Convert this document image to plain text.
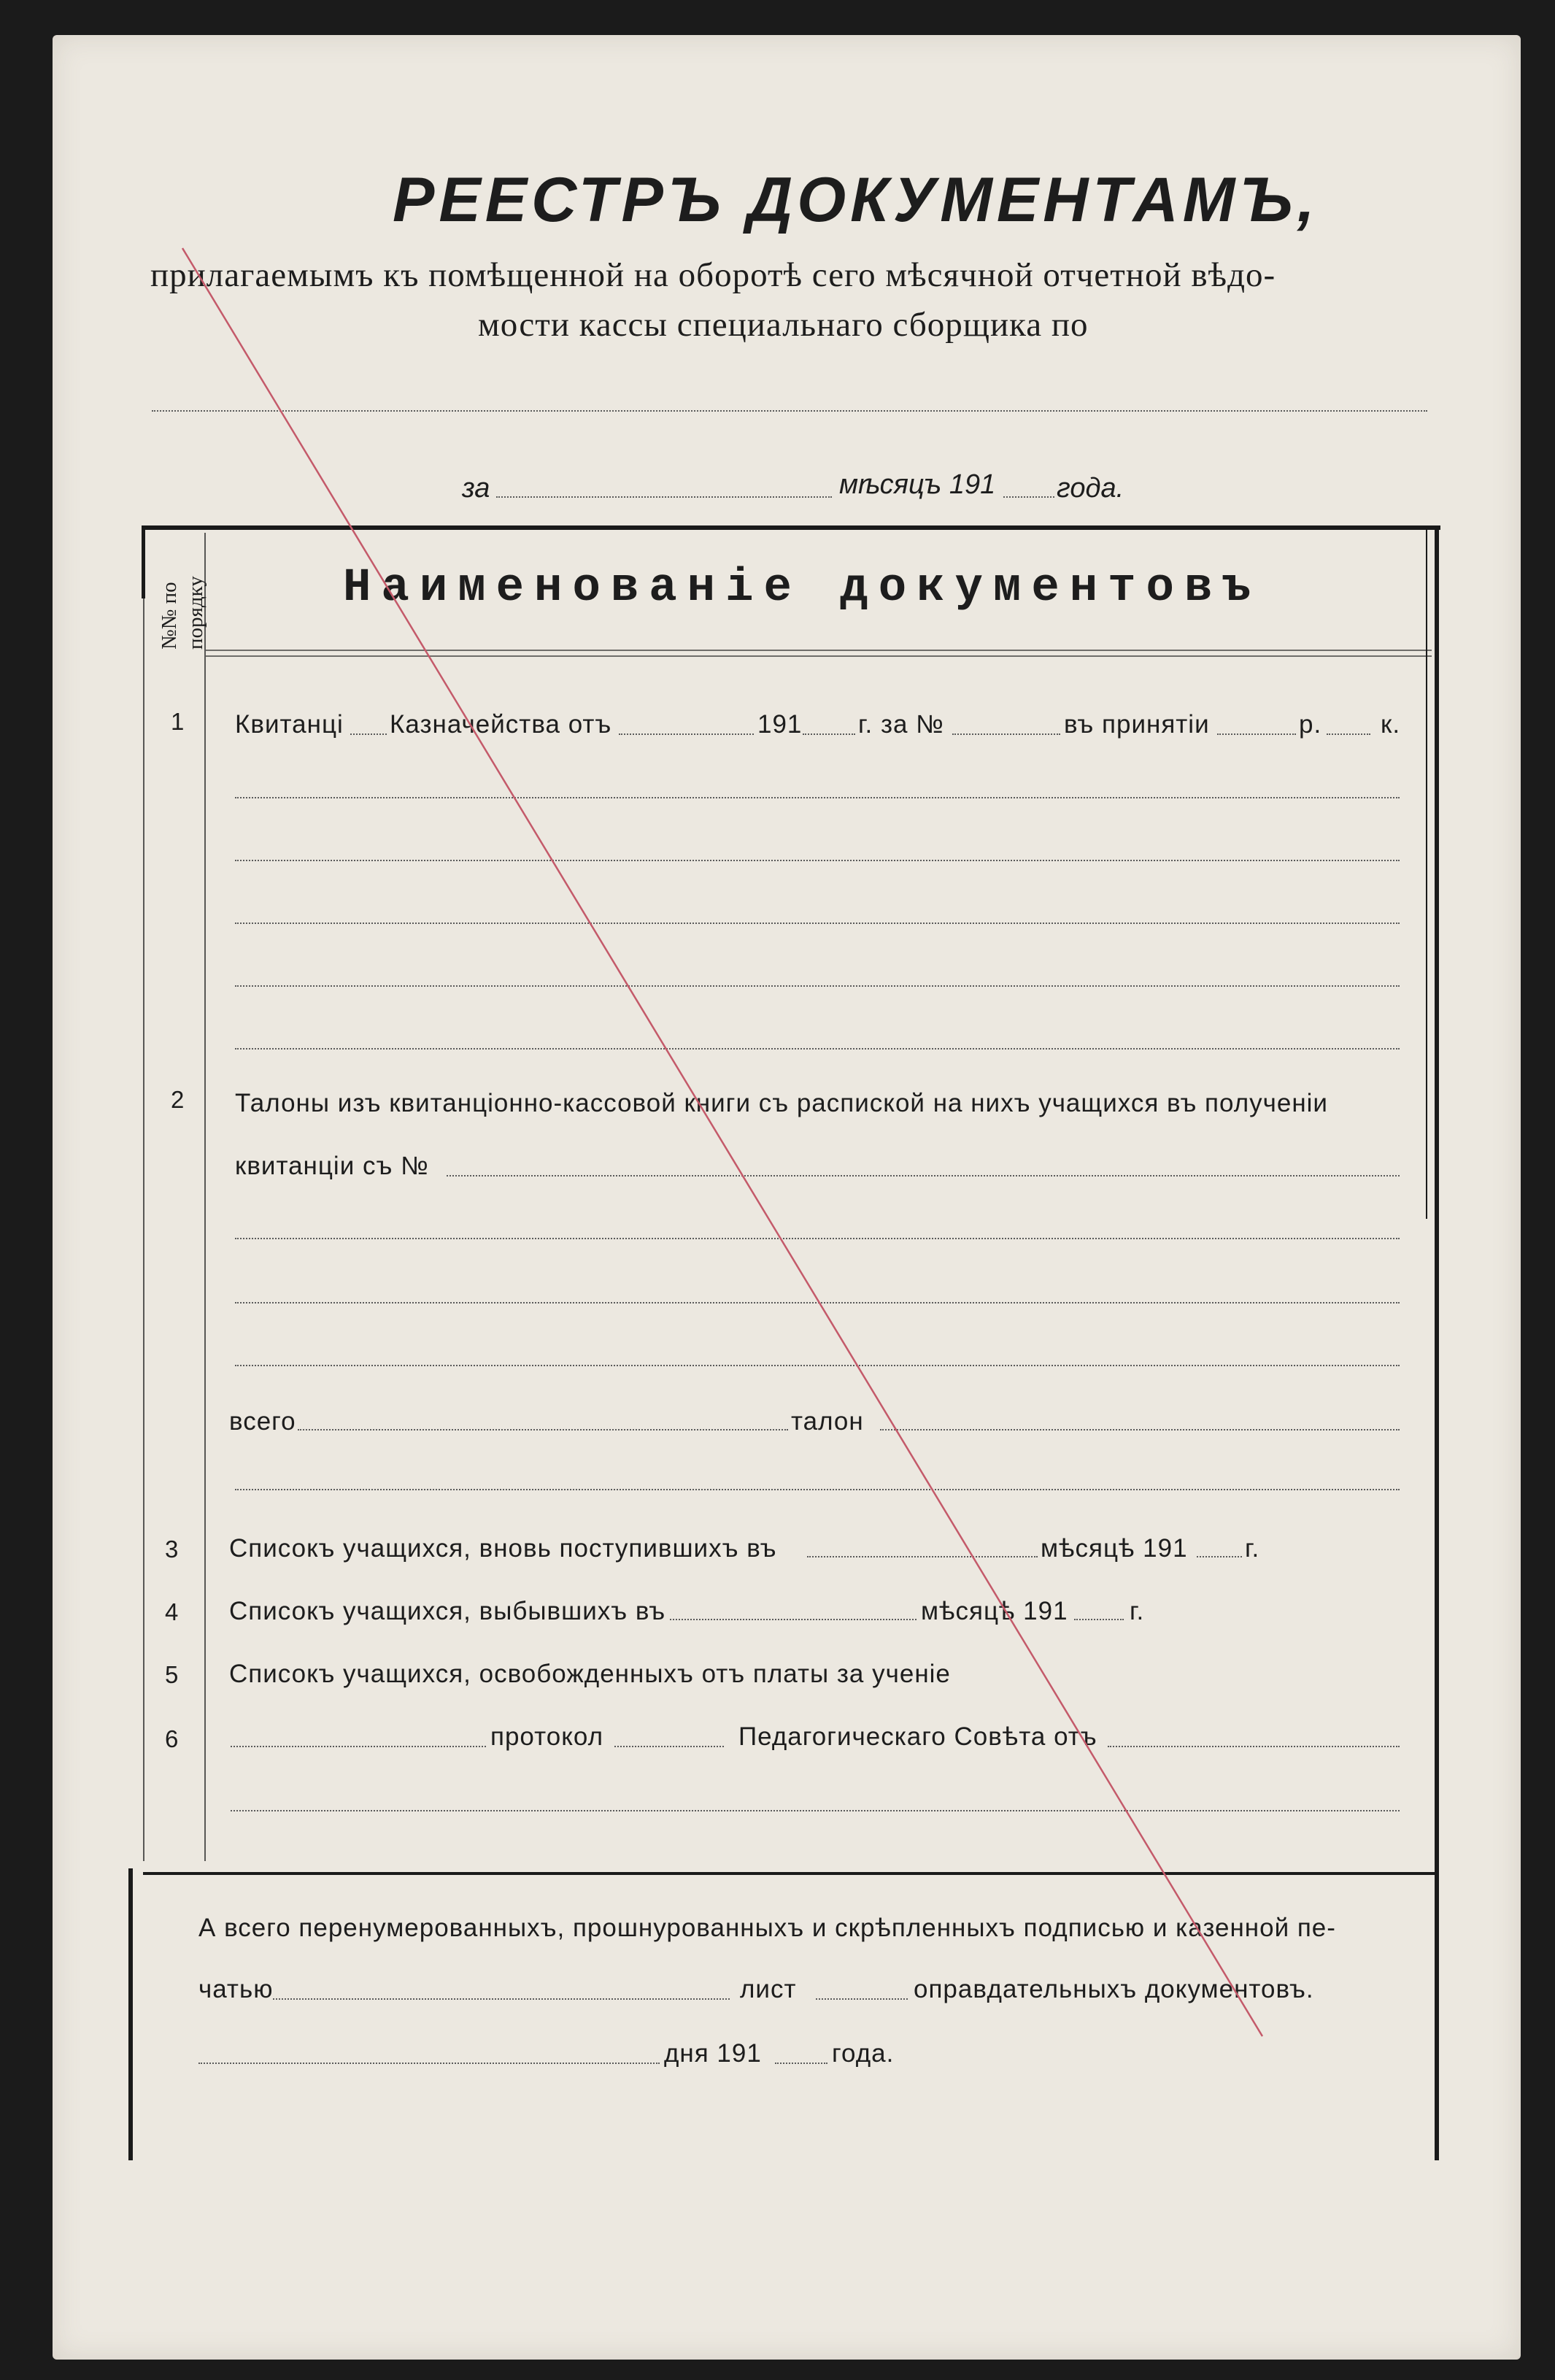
РЕЕСТРЪ ДОКУМЕНТАМЪ,
прилагаемымъ къ помѣщенной на оборотѣ сего мѣсячной отчетной вѣдо-
мости кассы специальнаго сборщика по
за	мѣсяцъ 191 года.
№№ по порядку	Наименованіе документовъ
1 Квитанці Казначейства отъ	191 г. за №	въ принятіи	р. к.
2 Талоны изъ квитанціонно-кассовой книги съ распиской на нихъ учащихся въ полученіи
квитанціи съ №
всего	талон
3 Списокъ учащихся, вновь поступившихъ въ	мѣсяцѣ 191 г.
4 Списокъ учащихся, выбывшихъ въ	мѣсяцѣ 191 г.
5 Списокъ учащихся, освобожденныхъ отъ платы за ученіе
6	протокол	Педагогическаго Совѣта отъ
А всего перенумерованныхъ, прошнурованныхъ и скрѣпленныхъ подписью и казенной пе-
чатью	лист	оправдательныхъ документовъ.
дня 191	года.
